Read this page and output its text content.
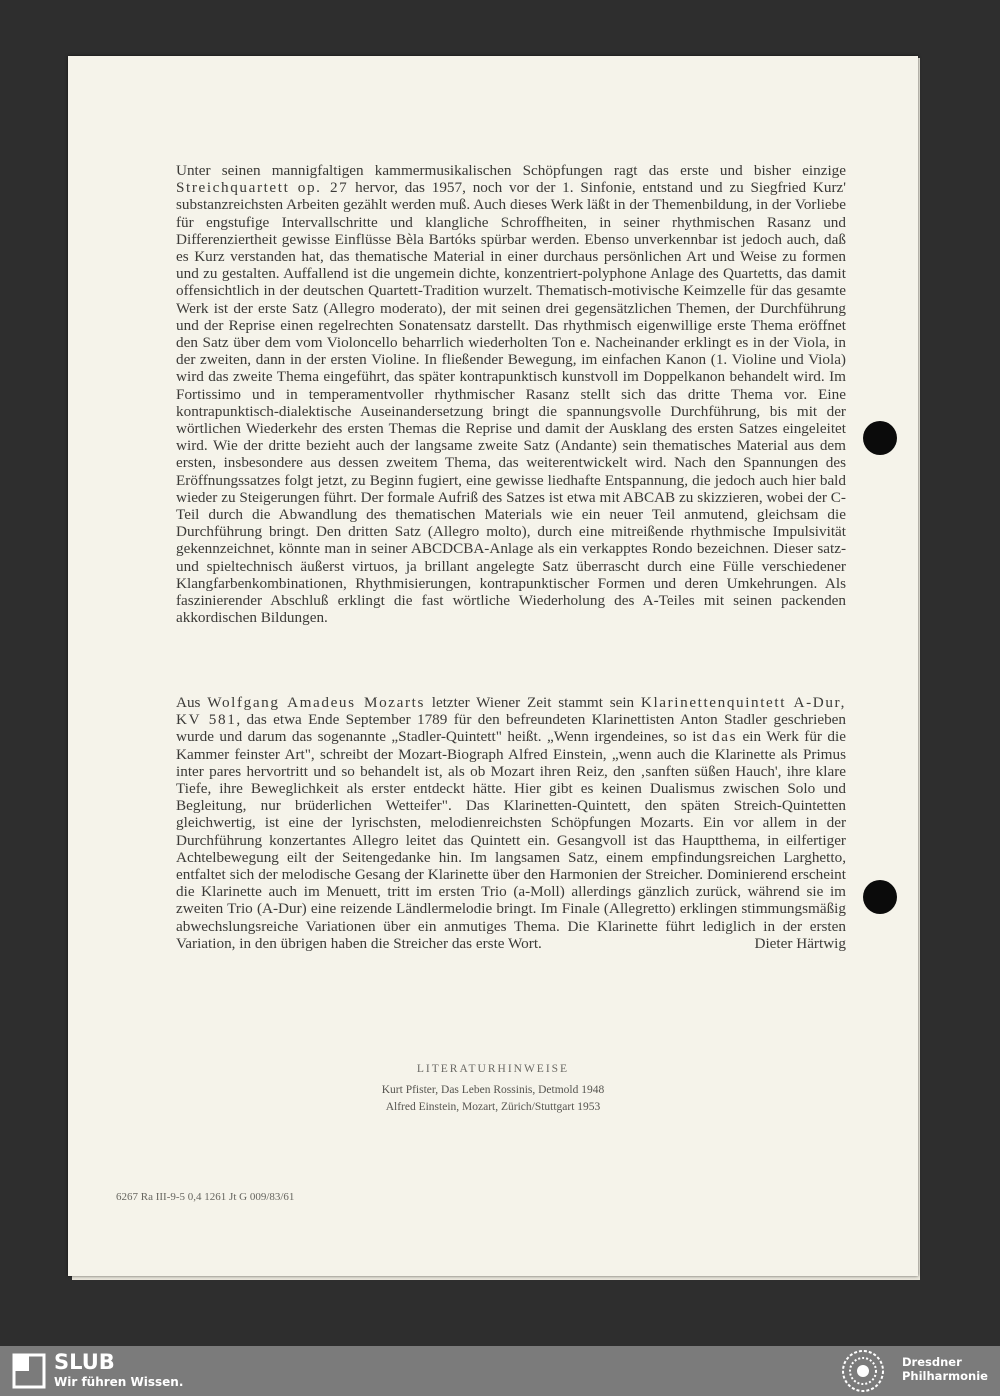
Unter seinen mannigfaltigen kammermusikalischen Schöpfungen ragt das erste und bisher einzige Streichquartett op. 27 hervor, das 1957, noch vor der 1. Sinfonie, entstand und zu Siegfried Kurz' substanzreichsten Arbeiten gezählt werden muß. Auch dieses Werk läßt in der Themenbildung, in der Vorliebe für engstufige Intervallschritte und klangliche Schroffheiten, in seiner rhythmischen Rasanz und Differenziertheit gewisse Einflüsse Bèla Bartóks spürbar werden. Ebenso unverkennbar ist jedoch auch, daß es Kurz verstanden hat, das thematische Material in einer durchaus persönlichen Art und Weise zu formen und zu gestalten. Auffallend ist die ungemein dichte, konzentriert-polyphone Anlage des Quartetts, das damit offensichtlich in der deutschen Quartett-Tradition wurzelt. Thematisch-motivische Keimzelle für das gesamte Werk ist der erste Satz (Allegro moderato), der mit seinen drei gegensätzlichen Themen, der Durchführung und der Reprise einen regelrechten Sonatensatz darstellt. Das rhythmisch eigenwillige erste Thema eröffnet den Satz über dem vom Violoncello beharrlich wiederholten Ton e. Nacheinander erklingt es in der Viola, in der zweiten, dann in der ersten Violine. In fließender Bewegung, im einfachen Kanon (1. Violine und Viola) wird das zweite Thema eingeführt, das später kontrapunktisch kunstvoll im Doppelkanon behandelt wird. Im Fortissimo und in temperamentvoller rhythmischer Rasanz stellt sich das dritte Thema vor. Eine kontrapunktisch-dialektische Auseinandersetzung bringt die spannungsvolle Durchführung, bis mit der wörtlichen Wiederkehr des ersten Themas die Reprise und damit der Ausklang des ersten Satzes eingeleitet wird. Wie der dritte bezieht auch der langsame zweite Satz (Andante) sein thematisches Material aus dem ersten, insbesondere aus dessen zweitem Thema, das weiterentwickelt wird. Nach den Spannungen des Eröffnungssatzes folgt jetzt, zu Beginn fugiert, eine gewisse liedhafte Entspannung, die jedoch auch hier bald wieder zu Steigerungen führt. Der formale Aufriß des Satzes ist etwa mit ABCAB zu skizzieren, wobei der C-Teil durch die Abwandlung des thematischen Materials wie ein neuer Teil anmutend, gleichsam die Durchführung bringt. Den dritten Satz (Allegro molto), durch eine mitreißende rhythmische Impulsivität gekennzeichnet, könnte man in seiner ABCDCBA-Anlage als ein verkapptes Rondo bezeichnen. Dieser satz- und spieltechnisch äußerst virtuos, ja brillant angelegte Satz überrascht durch eine Fülle verschiedener Klangfarbenkombinationen, Rhythmisierungen, kontrapunktischer Formen und deren Umkehrungen. Als faszinierender Abschluß erklingt die fast wörtliche Wiederholung des A-Teiles mit seinen packenden akkordischen Bildungen.

Aus Wolfgang Amadeus Mozarts letzter Wiener Zeit stammt sein Klarinettenquintett A-Dur, KV 581, das etwa Ende September 1789 für den befreundeten Klarinettisten Anton Stadler geschrieben wurde und darum das sogenannte „Stadler-Quintett" heißt. „Wenn irgendeines, so ist das ein Werk für die Kammer feinster Art", schreibt der Mozart-Biograph Alfred Einstein, „wenn auch die Klarinette als Primus inter pares hervortritt und so behandelt ist, als ob Mozart ihren Reiz, den ‚sanften süßen Hauch', ihre klare Tiefe, ihre Beweglichkeit als erster entdeckt hätte. Hier gibt es keinen Dualismus zwischen Solo und Begleitung, nur brüderlichen Wetteifer". Das Klarinetten-Quintett, den späten Streich-Quintetten gleichwertig, ist eine der lyrischsten, melodienreichsten Schöpfungen Mozarts. Ein vor allem in der Durchführung konzertantes Allegro leitet das Quintett ein. Gesangvoll ist das Hauptthema, in eilfertiger Achtelbewegung eilt der Seitengedanke hin. Im langsamen Satz, einem empfindungsreichen Larghetto, entfaltet sich der melodische Gesang der Klarinette über den Harmonien der Streicher. Dominierend erscheint die Klarinette auch im Menuett, tritt im ersten Trio (a-Moll) allerdings gänzlich zurück, während sie im zweiten Trio (A-Dur) eine reizende Ländlermelodie bringt. Im Finale (Allegretto) erklingen stimmungsmäßig abwechslungsreiche Variationen über ein anmutiges Thema. Die Klarinette führt lediglich in der ersten Variation, in den übrigen haben die Streicher das erste Wort.	Dieter Härtwig

LITERATURHINWEISE
Kurt Pfister, Das Leben Rossinis, Detmold 1948
Alfred Einstein, Mozart, Zürich/Stuttgart 1953
6267 Ra III-9-5 0,4 1261 Jt G 009/83/61
SLUB
Wir führen Wissen.
Dresdner
Philharmonie
